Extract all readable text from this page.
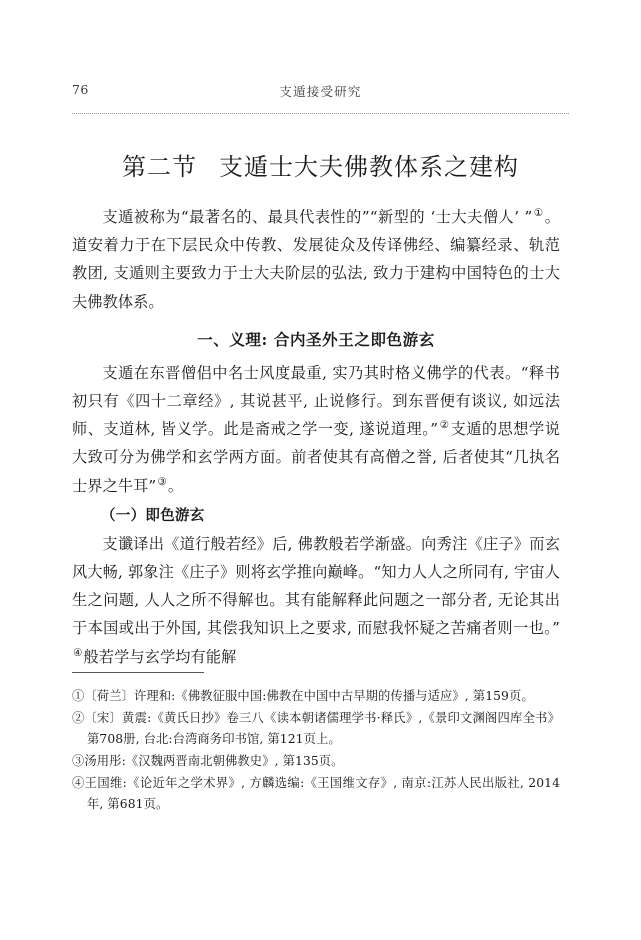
76	支遁接受研究
第二节 支遁士大夫佛教体系之建构

支遁被称为“最著名的、最具代表性的”“新型的 ‘士大夫僧人’ ”①。道安着力于在下层民众中传教、发展徒众及传译佛经、编纂经录、轨范教团, 支遁则主要致力于士大夫阶层的弘法, 致力于建构中国特色的士大夫佛教体系。

一、义理: 合内圣外王之即色游玄

支遁在东晋僧侣中名士风度最重, 实乃其时格义佛学的代表。“释书初只有《四十二章经》, 其说甚平, 止说修行。到东晋便有谈议, 如远法师、支道林, 皆义学。此是斋戒之学一变, 遂说道理。”②支遁的思想学说大致可分为佛学和玄学两方面。前者使其有高僧之誉, 后者使其“几执名士界之牛耳”③。

（一）即色游玄

支谶译出《道行般若经》后, 佛教般若学渐盛。向秀注《庄子》而玄风大畅, 郭象注《庄子》则将玄学推向巅峰。“知力人人之所同有, 宇宙人生之问题, 人人之所不得解也。其有能解释此问题之一部分者, 无论其出于本国或出于外国, 其偿我知识上之要求, 而慰我怀疑之苦痛者则一也。”④般若学与玄学均有能解

①〔荷兰〕许理和:《佛教征服中国:佛教在中国中古早期的传播与适应》, 第159页。

②〔宋〕黄震:《黄氏日抄》卷三八《读本朝诸儒理学书·释氏》,《景印文渊阁四库全书》第708册, 台北:台湾商务印书馆, 第121页上。

③汤用彤:《汉魏两晋南北朝佛教史》, 第135页。

④王国维:《论近年之学术界》, 方麟选编:《王国维文存》, 南京:江苏人民出版社, 2014年, 第681页。
